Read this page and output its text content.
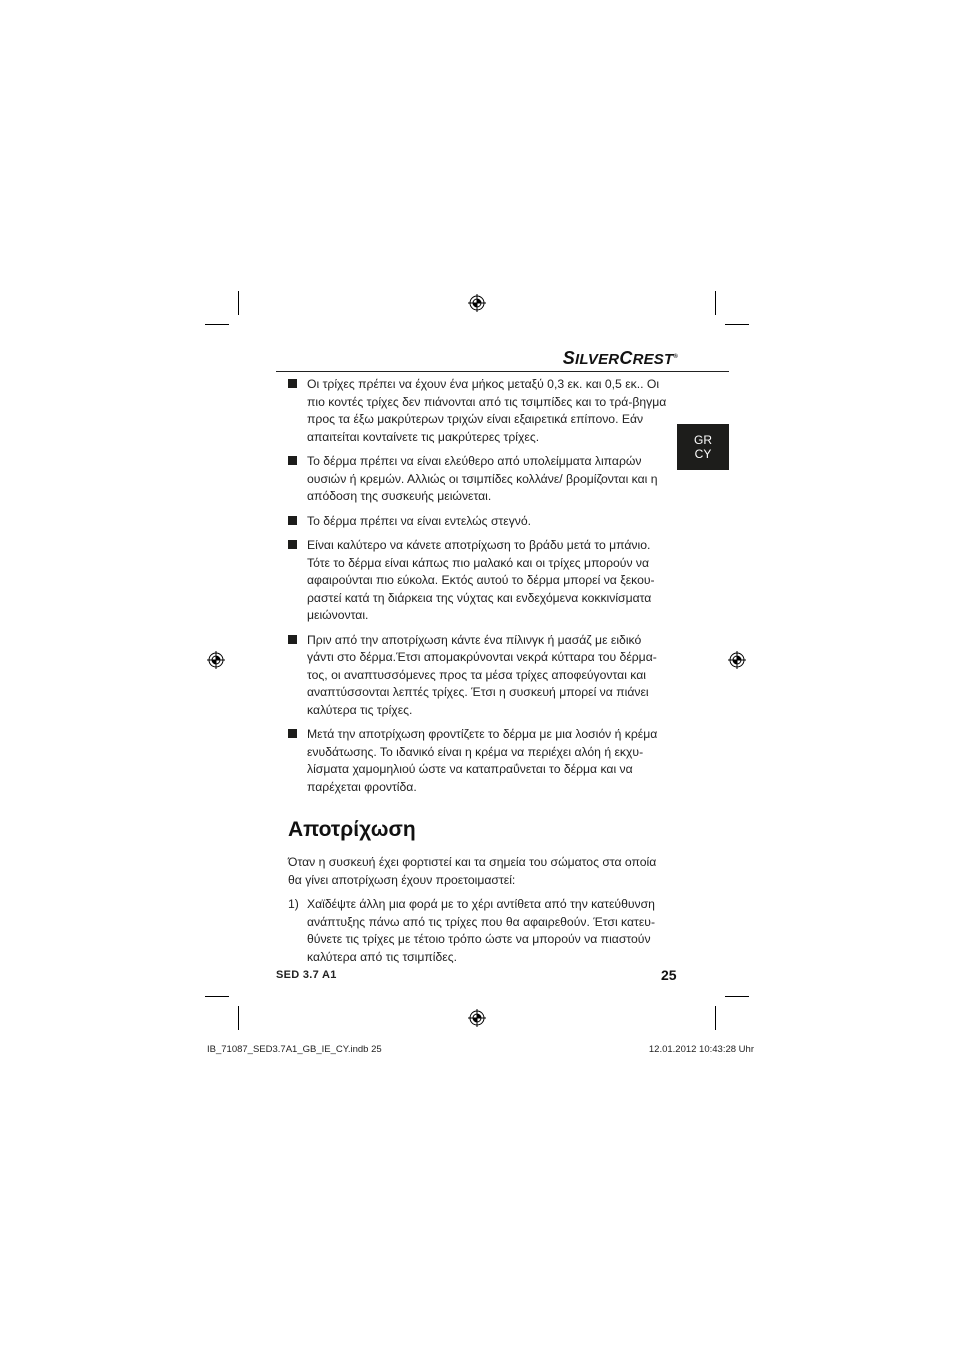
SILVERCREST®
GR
CY
Οι τρίχες πρέπει να έχουν ένα μήκος μεταξύ 0,3 εκ. και 0,5 εκ.. Οι πιο κοντές τρίχες δεν πιάνονται από τις τσιμπίδες και το τρά-βηγμα προς τα έξω μακρύτερων τριχών είναι εξαιρετικά επίπονο. Εάν απαιτείται κονταίνετε τις μακρύτερες τρίχες.
Το δέρμα πρέπει να είναι ελεύθερο από υπολείμματα λιπαρών ουσιών ή κρεμών. Αλλιώς οι τσιμπίδες κολλάνε/ βρομίζονται και η απόδοση της συσκευής μειώνεται.
Το δέρμα πρέπει να είναι εντελώς στεγνό.
Είναι καλύτερο να κάνετε αποτρίχωση το βράδυ μετά το μπάνιο. Τότε το δέρμα είναι κάπως πιο μαλακό και οι τρίχες μπορούν να αφαιρούνται πιο εύκολα. Εκτός αυτού το δέρμα μπορεί να ξεκου-ραστεί κατά τη διάρκεια της νύχτας και ενδεχόμενα κοκκινίσματα μειώνονται.
Πριν από την αποτρίχωση κάντε ένα πίλινγκ ή μασάζ με ειδικό γάντι στο δέρμα.Έτσι απομακρύνονται νεκρά κύτταρα του δέρμα-τος, οι αναπτυσσόμενες προς τα μέσα τρίχες αποφεύγονται και αναπτύσσονται λεπτές τρίχες. Έτσι η συσκευή μπορεί να πιάνει καλύτερα τις τρίχες.
Μετά την αποτρίχωση φροντίζετε το δέρμα με μια λοσιόν ή κρέμα ενυδάτωσης. Το ιδανικό είναι η κρέμα να περιέχει αλόη ή εκχυ-λίσματα χαμομηλιού ώστε να καταπραΰνεται το δέρμα και να παρέχεται φροντίδα.
Αποτρίχωση

Όταν η συσκευή έχει φορτιστεί και τα σημεία του σώματος στα οποία θα γίνει αποτρίχωση έχουν προετοιμαστεί:

1) Χαϊδέψτε άλλη μια φορά με το χέρι αντίθετα από την κατεύθυνση ανάπτυξης πάνω από τις τρίχες που θα αφαιρεθούν. Έτσι κατευ-θύνετε τις τρίχες με τέτοιο τρόπο ώστε να μπορούν να πιαστούν καλύτερα από τις τσιμπίδες.
SED 3.7 A1	25
IB_71087_SED3.7A1_GB_IE_CY.indb 25	12.01.2012 10:43:28 Uhr
